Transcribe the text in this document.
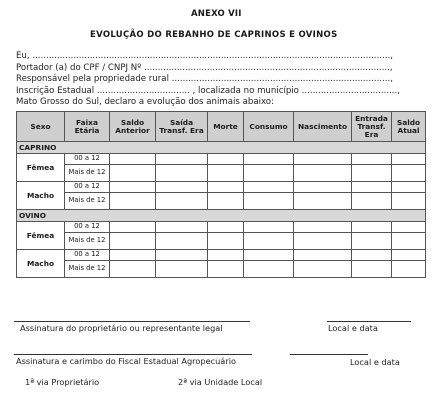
ANEXO VII
EVOLUÇÃO DO REBANHO DE CAPRINOS E OVINOS
Eu, ...................................................................................................................................,
Portador (a) do CPF / CNPJ Nº ..........................................................................................,
Responsável pela propriedade rural ................................................................................,
Inscrição Estadual .................................. , localizada no município ...................................,
Mato Grosso do Sul, declaro a evolução dos animais abaixo:
Sexo	Faixa Etária	Saldo Anterior	Saída Transf. Era	Morte	Consumo	Nascimento	Entrada Transf. Era	Saldo Atual
CAPRINO								
Fêmea	00 a 12							
	Mais de 12							
Macho	00 a 12							
	Mais de 12							
OVINO								
Fêmea	00 a 12							
	Mais de 12							
Macho	00 a 12							
	Mais de 12							
Assinatura do proprietário ou representante legal	Local e data
Assinatura e carimbo do Fiscal Estadual Agropecuário	Local e data
1ª via Proprietário	2ª via Unidade Local
